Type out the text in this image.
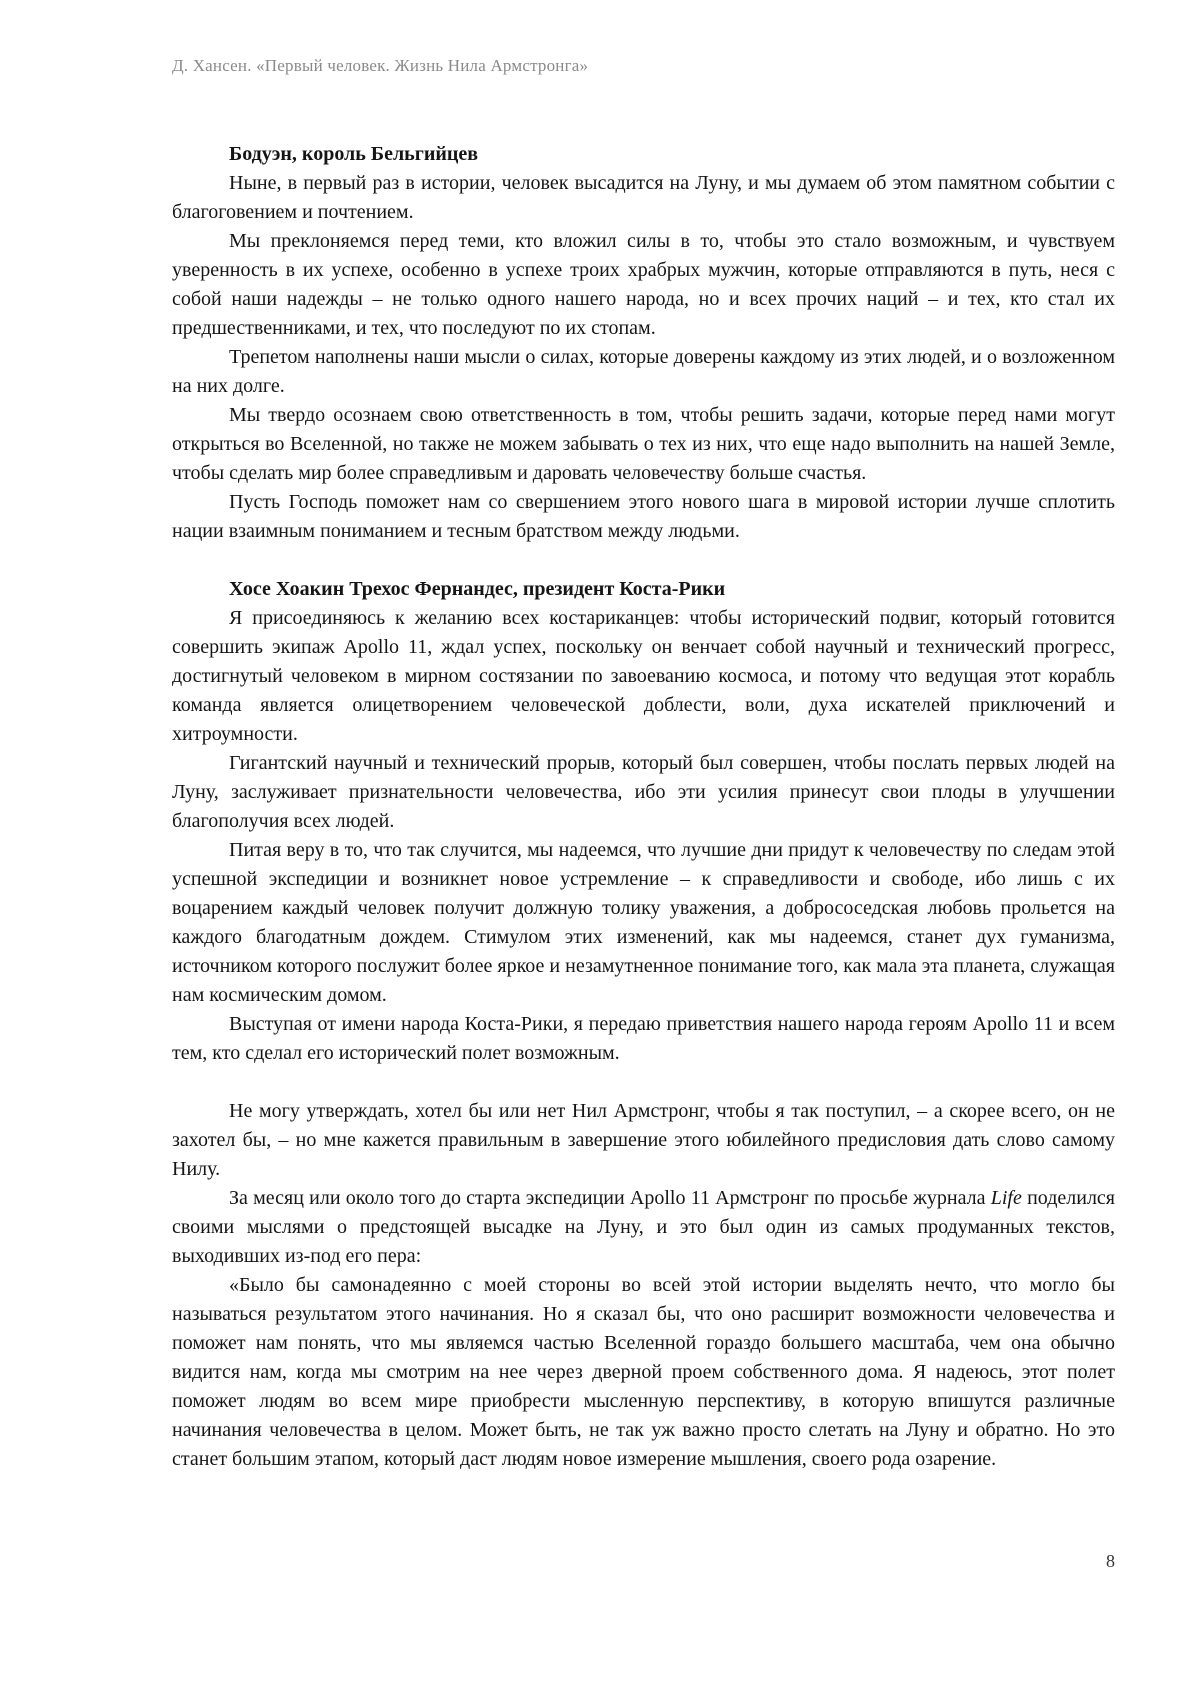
Д. Хансен. «Первый человек. Жизнь Нила Армстронга»

Бодуэн, король Бельгийцев

Ныне, в первый раз в истории, человек высадится на Луну, и мы думаем об этом памятном событии с благоговением и почтением.

Мы преклоняемся перед теми, кто вложил силы в то, чтобы это стало возможным, и чувствуем уверенность в их успехе, особенно в успехе троих храбрых мужчин, которые отправляются в путь, неся с собой наши надежды – не только одного нашего народа, но и всех прочих наций – и тех, кто стал их предшественниками, и тех, что последуют по их стопам.

Трепетом наполнены наши мысли о силах, которые доверены каждому из этих людей, и о возложенном на них долге.

Мы твердо осознаем свою ответственность в том, чтобы решить задачи, которые перед нами могут открыться во Вселенной, но также не можем забывать о тех из них, что еще надо выполнить на нашей Земле, чтобы сделать мир более справедливым и даровать человечеству больше счастья.

Пусть Господь поможет нам со свершением этого нового шага в мировой истории лучше сплотить нации взаимным пониманием и тесным братством между людьми.

Хосе Хоакин Трехос Фернандес, президент Коста-Рики

Я присоединяюсь к желанию всех костариканцев: чтобы исторический подвиг, который готовится совершить экипаж Apollo 11, ждал успех, поскольку он венчает собой научный и технический прогресс, достигнутый человеком в мирном состязании по завоеванию космоса, и потому что ведущая этот корабль команда является олицетворением человеческой доблести, воли, духа искателей приключений и хитроумности.

Гигантский научный и технический прорыв, который был совершен, чтобы послать первых людей на Луну, заслуживает признательности человечества, ибо эти усилия принесут свои плоды в улучшении благополучия всех людей.

Питая веру в то, что так случится, мы надеемся, что лучшие дни придут к человечеству по следам этой успешной экспедиции и возникнет новое устремление – к справедливости и свободе, ибо лишь с их воцарением каждый человек получит должную толику уважения, а добрососедская любовь прольется на каждого благодатным дождем. Стимулом этих изменений, как мы надеемся, станет дух гуманизма, источником которого послужит более яркое и незамутненное понимание того, как мала эта планета, служащая нам космическим домом.

Выступая от имени народа Коста-Рики, я передаю приветствия нашего народа героям Apollo 11 и всем тем, кто сделал его исторический полет возможным.

Не могу утверждать, хотел бы или нет Нил Армстронг, чтобы я так поступил, – а скорее всего, он не захотел бы, – но мне кажется правильным в завершение этого юбилейного предисловия дать слово самому Нилу.

За месяц или около того до старта экспедиции Apollo 11 Армстронг по просьбе журнала Life поделился своими мыслями о предстоящей высадке на Луну, и это был один из самых продуманных текстов, выходивших из-под его пера:

«Было бы самонадеянно с моей стороны во всей этой истории выделять нечто, что могло бы называться результатом этого начинания. Но я сказал бы, что оно расширит возможности человечества и поможет нам понять, что мы являемся частью Вселенной гораздо большего масштаба, чем она обычно видится нам, когда мы смотрим на нее через дверной проем собственного дома. Я надеюсь, этот полет поможет людям во всем мире приобрести мысленную перспективу, в которую впишутся различные начинания человечества в целом. Может быть, не так уж важно просто слетать на Луну и обратно. Но это станет большим этапом, который даст людям новое измерение мышления, своего рода озарение.

8
